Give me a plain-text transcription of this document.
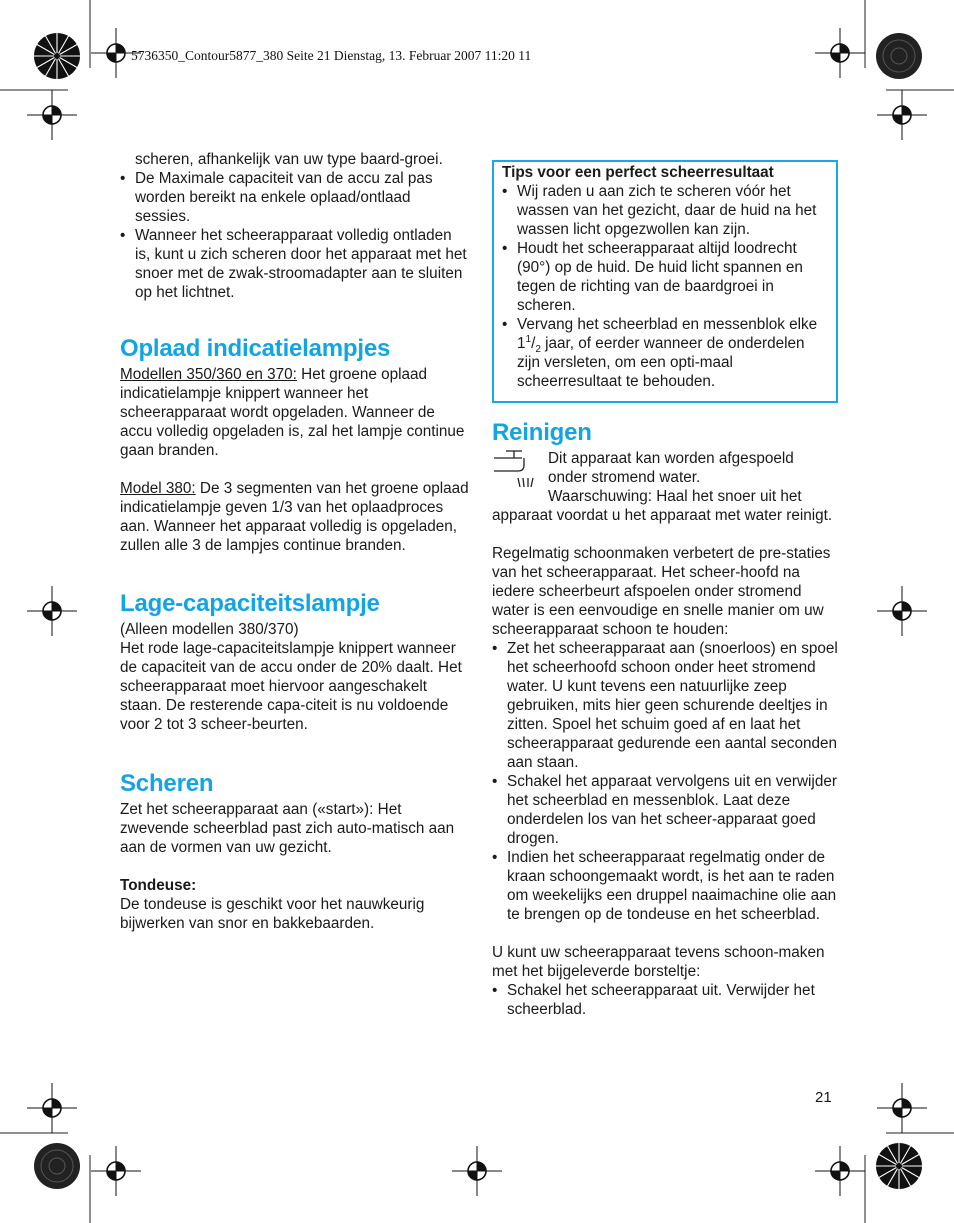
5736350_Contour5877_380 Seite 21 Dienstag, 13. Februar 2007 11:20 11

scheren, afhankelijk van uw type baard-groei.

• De Maximale capaciteit van de accu zal pas worden bereikt na enkele oplaad/ontlaad sessies.
• Wanneer het scheerapparaat volledig ontladen is, kunt u zich scheren door het apparaat met het snoer met de zwak-stroomadapter aan te sluiten op het lichtnet.
Oplaad indicatielampjes

Modellen 350/360 en 370: Het groene oplaad indicatielampje knippert wanneer het scheerapparaat wordt opgeladen. Wanneer de accu volledig opgeladen is, zal het lampje continue gaan branden.

Model 380: De 3 segmenten van het groene oplaad indicatielampje geven 1/3 van het oplaadproces aan. Wanneer het apparaat volledig is opgeladen, zullen alle 3 de lampjes continue branden.

Lage-capaciteitslampje

(Alleen modellen 380/370)

Het rode lage-capaciteitslampje knippert wanneer de capaciteit van de accu onder de 20% daalt. Het scheerapparaat moet hiervoor aangeschakelt staan. De resterende capa-citeit is nu voldoende voor 2 tot 3 scheer-beurten.

Scheren

Zet het scheerapparaat aan («start»): Het zwevende scheerblad past zich auto-matisch aan aan de vormen van uw gezicht.

Tondeuse:

De tondeuse is geschikt voor het nauwkeurig bijwerken van snor en bakkebaarden.

Tips voor een perfect scheerresultaat

• Wij raden u aan zich te scheren vóór het wassen van het gezicht, daar de huid na het wassen licht opgezwollen kan zijn.
• Houdt het scheerapparaat altijd loodrecht (90°) op de huid. De huid licht spannen en tegen de richting van de baardgroei in scheren.
• Vervang het scheerblad en messenblok elke $1^1/_2$ jaar, of eerder wanneer de onderdelen zijn versleten, om een opti-maal scheerresultaat te behouden.
Reinigen

Dit apparaat kan worden afgespoeld

onder stromend water.

Waarschuwing: Haal het snoer uit het

apparaat voordat u het apparaat met water reinigt.

Regelmatig schoonmaken verbetert de pre-staties van het scheerapparaat. Het scheer-hoofd na iedere scheerbeurt afspoelen onder stromend water is een eenvoudige en snelle manier om uw scheerapparaat schoon te houden:

• Zet het scheerapparaat aan (snoerloos) en spoel het scheerhoofd schoon onder heet stromend water. U kunt tevens een natuurlijke zeep gebruiken, mits hier geen schurende deeltjes in zitten. Spoel het schuim goed af en laat het scheerapparaat gedurende een aantal seconden aan staan.
• Schakel het apparaat vervolgens uit en verwijder het scheerblad en messenblok. Laat deze onderdelen los van het scheer-apparaat goed drogen.
• Indien het scheerapparaat regelmatig onder de kraan schoongemaakt wordt, is het aan te raden om weekelijks een druppel naaimachine olie aan te brengen op de tondeuse en het scheerblad.

U kunt uw scheerapparaat tevens schoon-maken met het bijgeleverde borsteltje:

• Schakel het scheerapparaat uit. Verwijder het scheerblad.
21
